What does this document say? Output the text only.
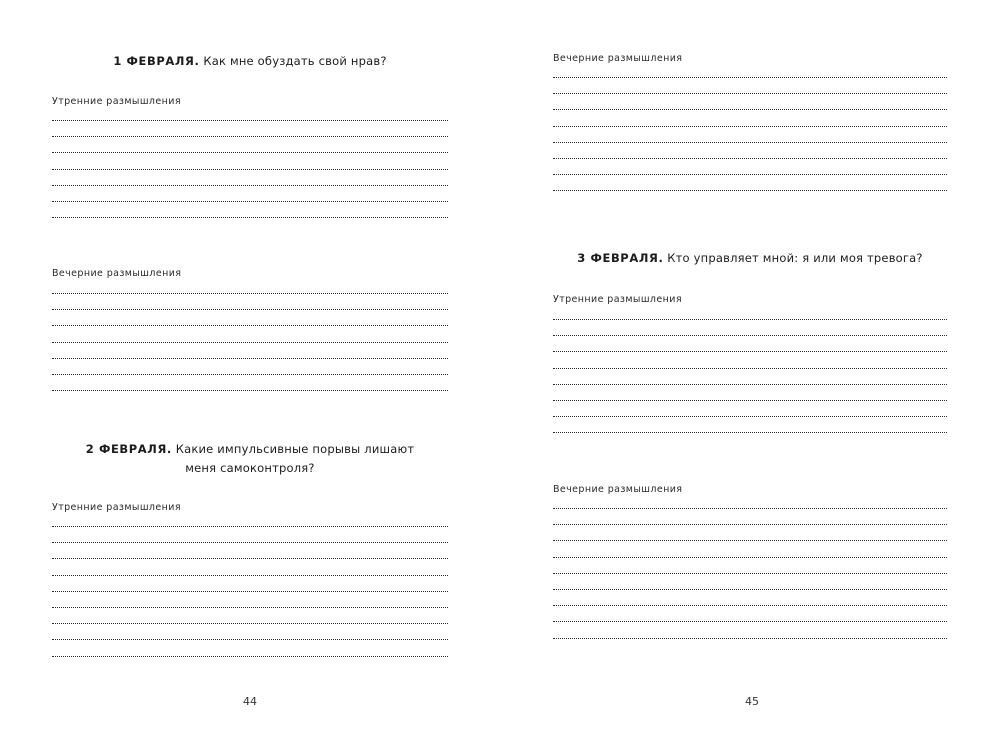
1 ФЕВРАЛЯ. Как мне обуздать свой нрав?
Утренние размышления
Вечерние размышления
2 ФЕВРАЛЯ. Какие импульсивные порывы лишают
меня самоконтроля?
Утренние размышления
44
Вечерние размышления
3 ФЕВРАЛЯ. Кто управляет мной: я или моя тревога?
Утренние размышления
Вечерние размышления
45
